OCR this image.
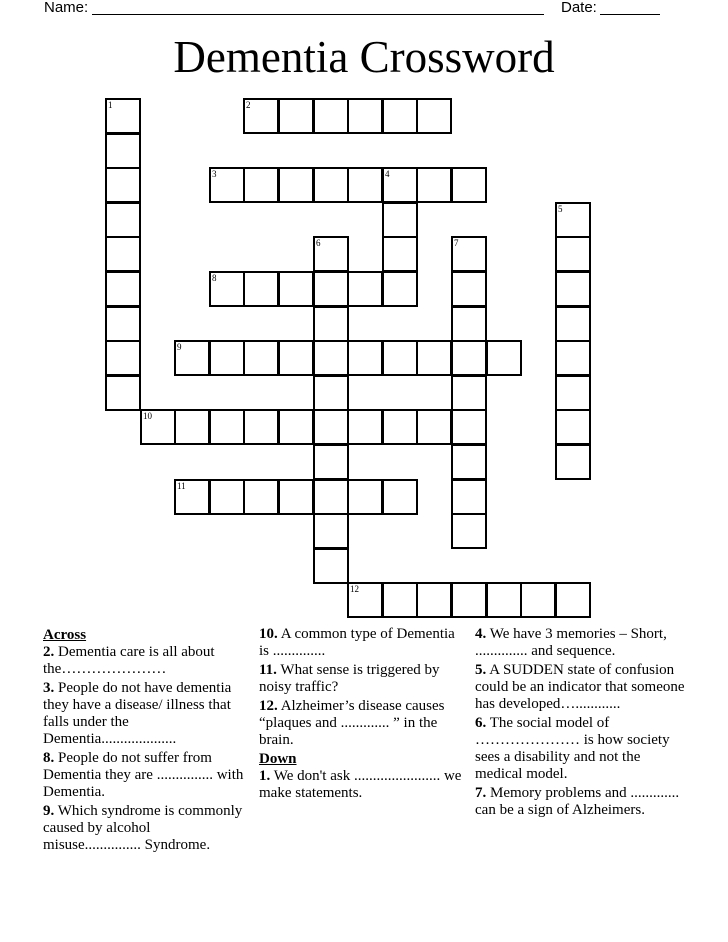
Name:	Date:
Dementia Crossword
1	2
3	4
5
6	7
8
9
10
11
12
Across
2. Dementia care is all about the…………………
3. People do not have dementia they have a disease/ illness that falls under the Dementia....................
8. People do not suffer from Dementia they are ............... with Dementia.
9. Which syndrome is commonly caused by alcohol misuse............... Syndrome.
10. A common type of Dementia is ..............
11. What sense is triggered by noisy traffic?
12. Alzheimer’s disease causes “plaques and ............. ” in the brain.
Down
1. We don't ask ....................... we make statements.
4. We have 3 memories – Short, .............. and sequence.
5. A SUDDEN state of confusion could be an indicator that someone has developed…............
6. The social model of ………………… is how society sees a disability and not the medical model.
7. Memory problems and ............. can be a sign of Alzheimers.
